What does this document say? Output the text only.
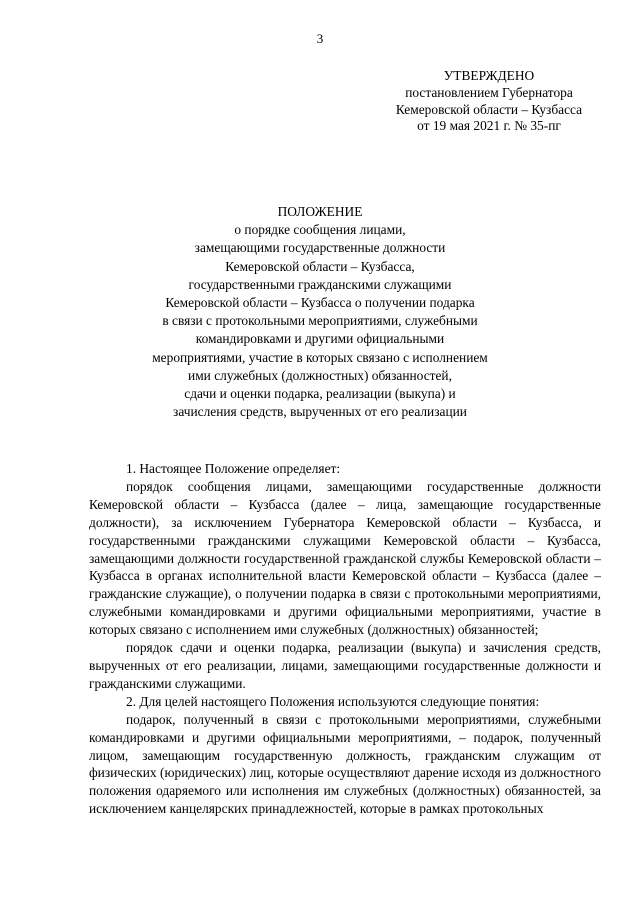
3
УТВЕРЖДЕНО
постановлением Губернатора
Кемеровской области – Кузбасса
от 19 мая 2021 г. № 35-пг
ПОЛОЖЕНИЕ
о порядке сообщения лицами,
замещающими государственные должности
Кемеровской области – Кузбасса,
государственными гражданскими служащими
Кемеровской области – Кузбасса о получении подарка
в связи с протокольными мероприятиями, служебными
командировками и другими официальными
мероприятиями, участие в которых связано с исполнением
ими служебных (должностных) обязанностей,
сдачи и оценки подарка, реализации (выкупа) и
зачисления средств, вырученных от его реализации

1. Настоящее Положение определяет:

порядок сообщения лицами, замещающими государственные должности Кемеровской области – Кузбасса (далее – лица, замещающие государственные должности), за исключением Губернатора Кемеровской области – Кузбасса, и государственными гражданскими служащими Кемеровской области – Кузбасса, замещающими должности государственной гражданской службы Кемеровской области – Кузбасса в органах исполнительной власти Кемеровской области – Кузбасса (далее – гражданские служащие), о получении подарка в связи с протокольными мероприятиями, служебными командировками и другими официальными мероприятиями, участие в которых связано с исполнением ими служебных (должностных) обязанностей;

порядок сдачи и оценки подарка, реализации (выкупа) и зачисления средств, вырученных от его реализации, лицами, замещающими государственные должности и гражданскими служащими.

2. Для целей настоящего Положения используются следующие понятия:

подарок, полученный в связи с протокольными мероприятиями, служебными командировками и другими официальными мероприятиями, – подарок, полученный лицом, замещающим государственную должность, гражданским служащим от физических (юридических) лиц, которые осуществляют дарение исходя из должностного положения одаряемого или исполнения им служебных (должностных) обязанностей, за исключением канцелярских принадлежностей, которые в рамках протокольных
